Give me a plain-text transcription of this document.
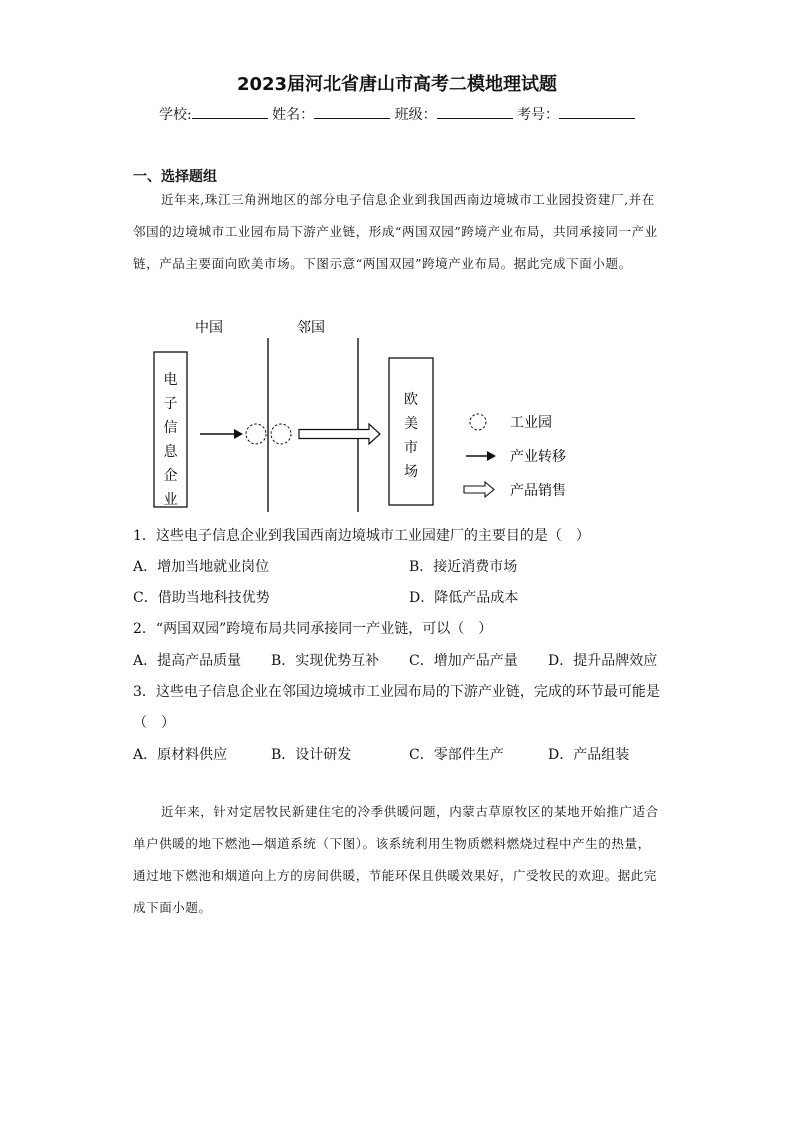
2023届河北省唐山市高考二模地理试题
学校:	姓名：	班级：	考号：
一、选择题组
近年来,珠江三角洲地区的部分电子信息企业到我国西南边境城市工业园投资建厂,并在邻国的边境城市工业园布局下游产业链，形成“两国双园”跨境产业布局，共同承接同一产业链，产品主要面向欧美市场。下图示意“两国双园”跨境产业布局。据此完成下面小题。
中国	邻国
电
子
信
息
企
业
欧
美
市
场
工业园
产业转移
产品销售
1．这些电子信息企业到我国西南边境城市工业园建厂的主要目的是（　）
A．增加当地就业岗位	B．接近消费市场
C．借助当地科技优势	D．降低产品成本
2．“两国双园”跨境布局共同承接同一产业链，可以（　）
A．提高产品质量 B．实现优势互补 C．增加产品产量 D．提升品牌效应
3．这些电子信息企业在邻国边境城市工业园布局的下游产业链，完成的环节最可能是
（　）
A．原材料供应	B．设计研发	C．零部件生产	D．产品组装
近年来，针对定居牧民新建住宅的冷季供暖问题，内蒙古草原牧区的某地开始推广适合单户供暖的地下燃池—烟道系统（下图）。该系统利用生物质燃料燃烧过程中产生的热量，通过地下燃池和烟道向上方的房间供暖，节能环保且供暖效果好，广受牧民的欢迎。据此完成下面小题。
